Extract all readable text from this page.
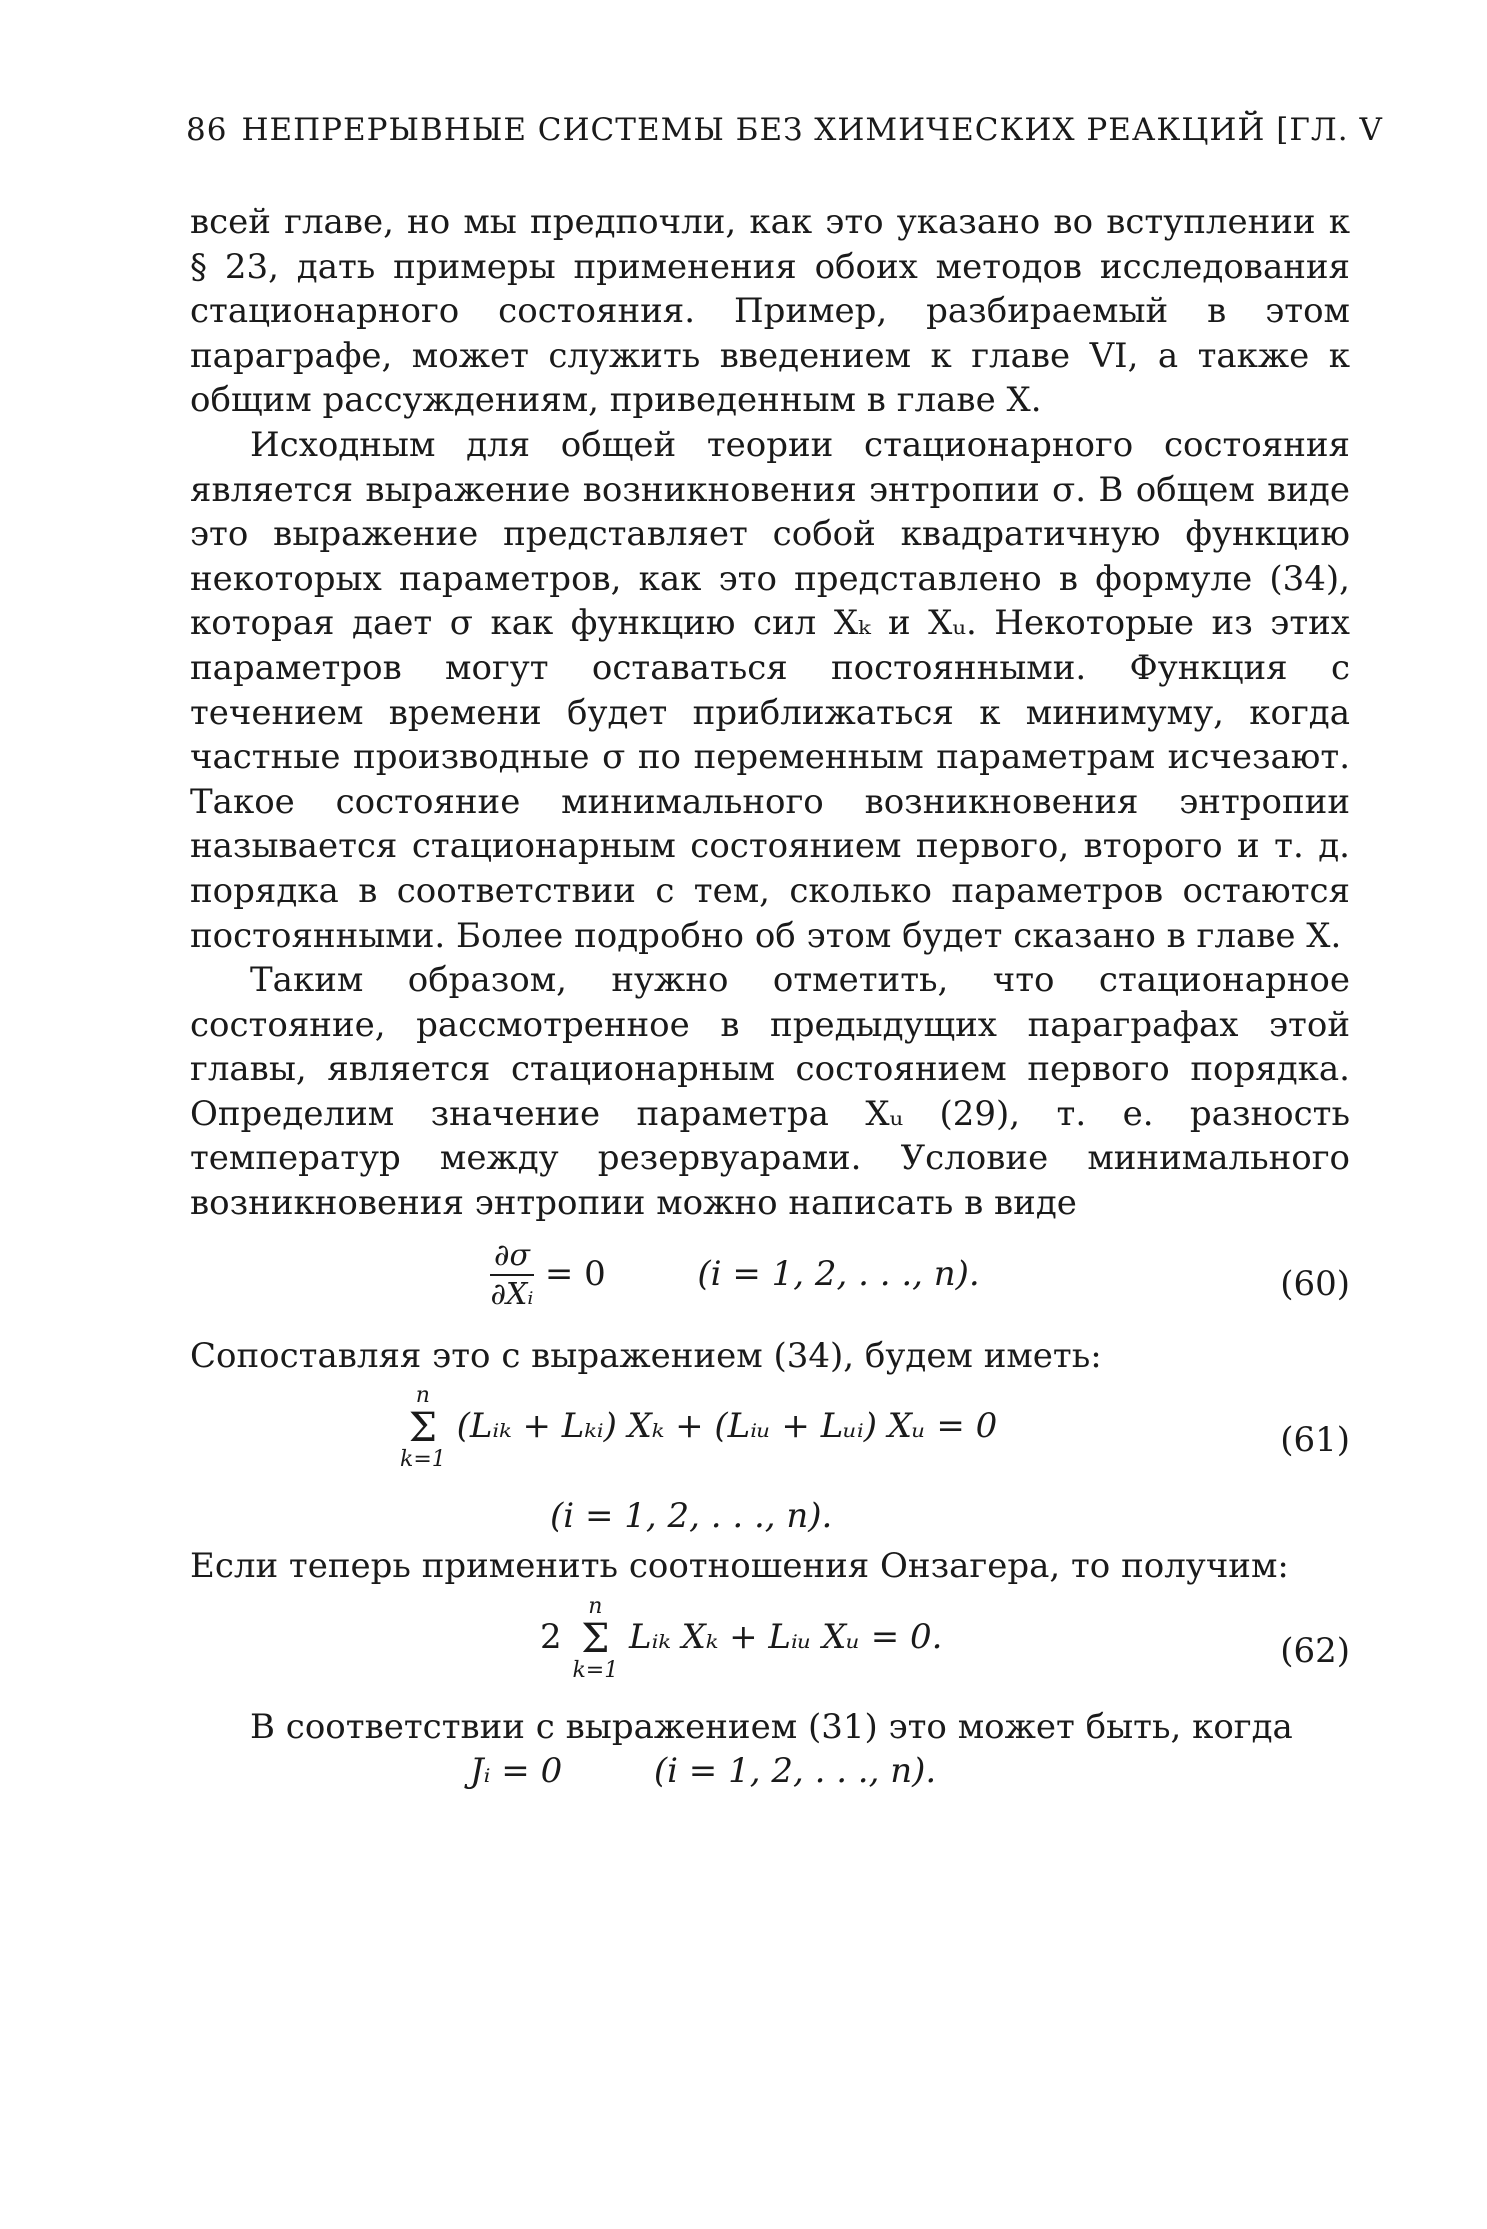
86 НЕПРЕРЫВНЫЕ СИСТЕМЫ БЕЗ ХИМИЧЕСКИХ РЕАКЦИЙ [ГЛ. V

всей главе, но мы предпочли, как это указано во вступлении к § 23, дать примеры применения обоих методов исследования стационарного состояния. Пример, разбираемый в этом параграфе, может служить введением к главе VI, а также к общим рассуждениям, приведенным в главе X.

Исходным для общей теории стационарного состояния является выражение возникновения энтропии σ. В общем виде это выражение представляет собой квадратичную функцию некоторых параметров, как это представлено в формуле (34), которая дает σ как функцию сил Xₖ и Xᵤ. Некоторые из этих параметров могут оставаться постоянными. Функция с течением времени будет приближаться к минимуму, когда частные производные σ по переменным параметрам исчезают. Такое состояние минимального возникновения энтропии называется стационарным состоянием первого, второго и т. д. порядка в соответствии с тем, сколько параметров остаются постоянными. Более подробно об этом будет сказано в главе X.

Таким образом, нужно отметить, что стационарное состояние, рассмотренное в предыдущих параграфах этой главы, является стационарным состоянием первого порядка. Определим значение параметра Xᵤ (29), т. е. разность температур между резервуарами. Условие минимального возникновения энтропии можно написать в виде

$\frac{\partial\sigma}{\text{∂Xᵢ}} = 0$	(i = 1, 2, . . ., n).	(60)

Сопоставляя это с выражением (34), будем иметь:

n
Σ
k=1
(Lᵢₖ + Lₖᵢ) Xₖ + (Lᵢᵤ + Lᵤᵢ) Xᵤ = 0	(61)
(i = 1, 2, . . ., n).

Если теперь применить соотношения Онзагера, то получим:

2
n
Σ
k=1
Lᵢₖ Xₖ + Lᵢᵤ Xᵤ = 0.	(62)

В соответствии с выражением (31) это может быть, когда

Jᵢ = 0	(i = 1, 2, . . ., n).
